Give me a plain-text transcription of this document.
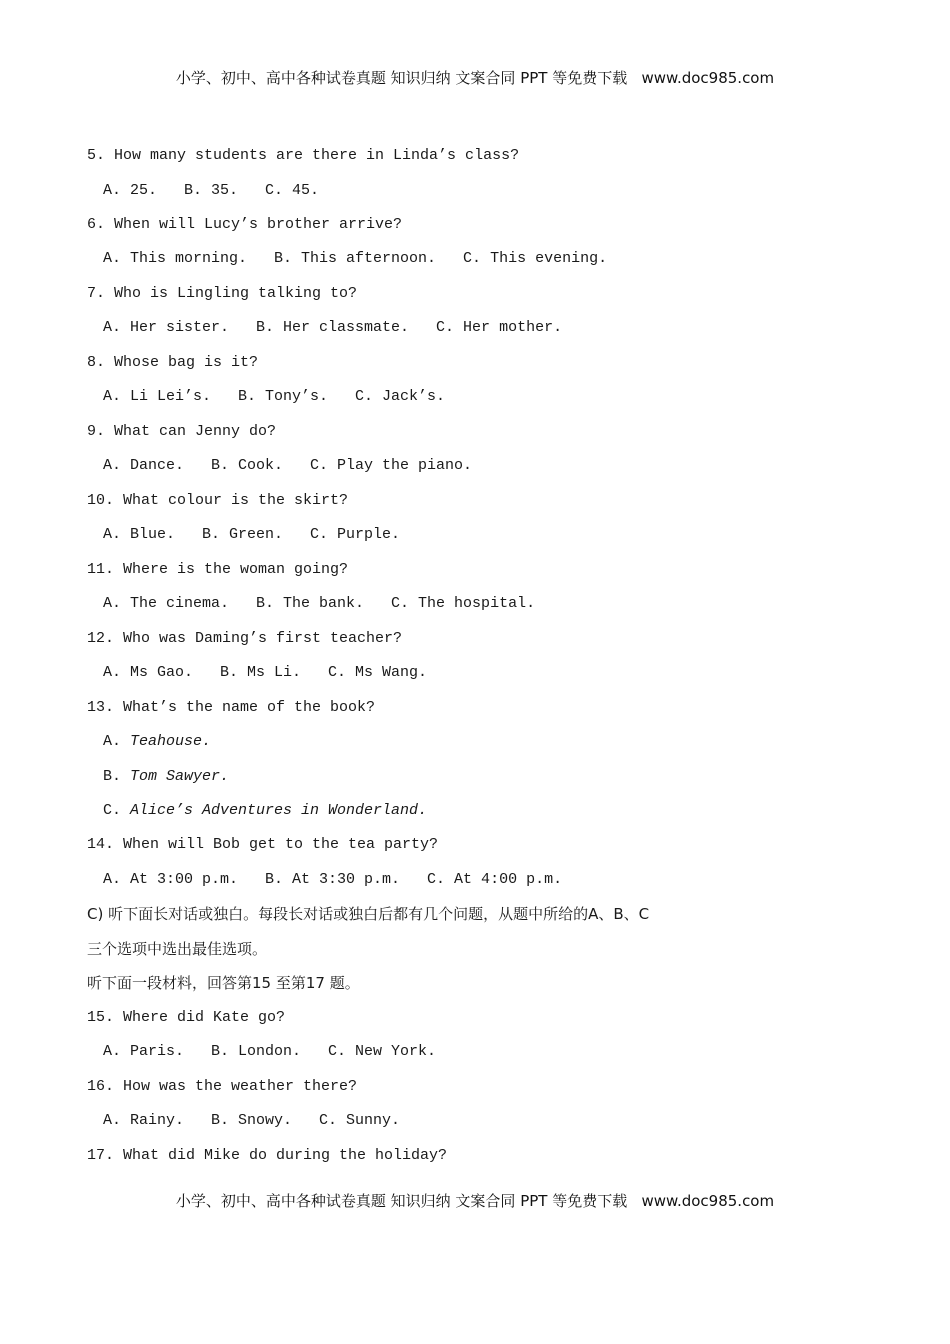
小学、初中、高中各种试卷真题 知识归纳 文案合同 PPT 等免费下载   www.doc985.com
5. How many students are there in Linda’s class?
A. 25.   B. 35.   C. 45.
6. When will Lucy’s brother arrive?
A. This morning.   B. This afternoon.   C. This evening.
7. Who is Lingling talking to?
A. Her sister.   B. Her classmate.   C. Her mother.
8. Whose bag is it?
A. Li Lei’s.   B. Tony’s.   C. Jack’s.
9. What can Jenny do?
A. Dance.   B. Cook.   C. Play the piano.
10. What colour is the skirt?
A. Blue.   B. Green.   C. Purple.
11. Where is the woman going?
A. The cinema.   B. The bank.   C. The hospital.
12. Who was Daming’s first teacher?
A. Ms Gao.   B. Ms Li.   C. Ms Wang.
13. What’s the name of the book?
A. Teahouse.
B. Tom Sawyer.
C. Alice’s Adventures in Wonderland.
14. When will Bob get to the tea party?
A. At 3:00 p.m.   B. At 3:30 p.m.   C. At 4:00 p.m.
C) 听下面长对话或独白。每段长对话或独白后都有几个问题，从题中所给的A、B、C
三个选项中选出最佳选项。
听下面一段材料，回答第15 至第17 题。
15. Where did Kate go?
A. Paris.   B. London.   C. New York.
16. How was the weather there?
A. Rainy.   B. Snowy.   C. Sunny.
17. What did Mike do during the holiday?
小学、初中、高中各种试卷真题 知识归纳 文案合同 PPT 等免费下载   www.doc985.com
